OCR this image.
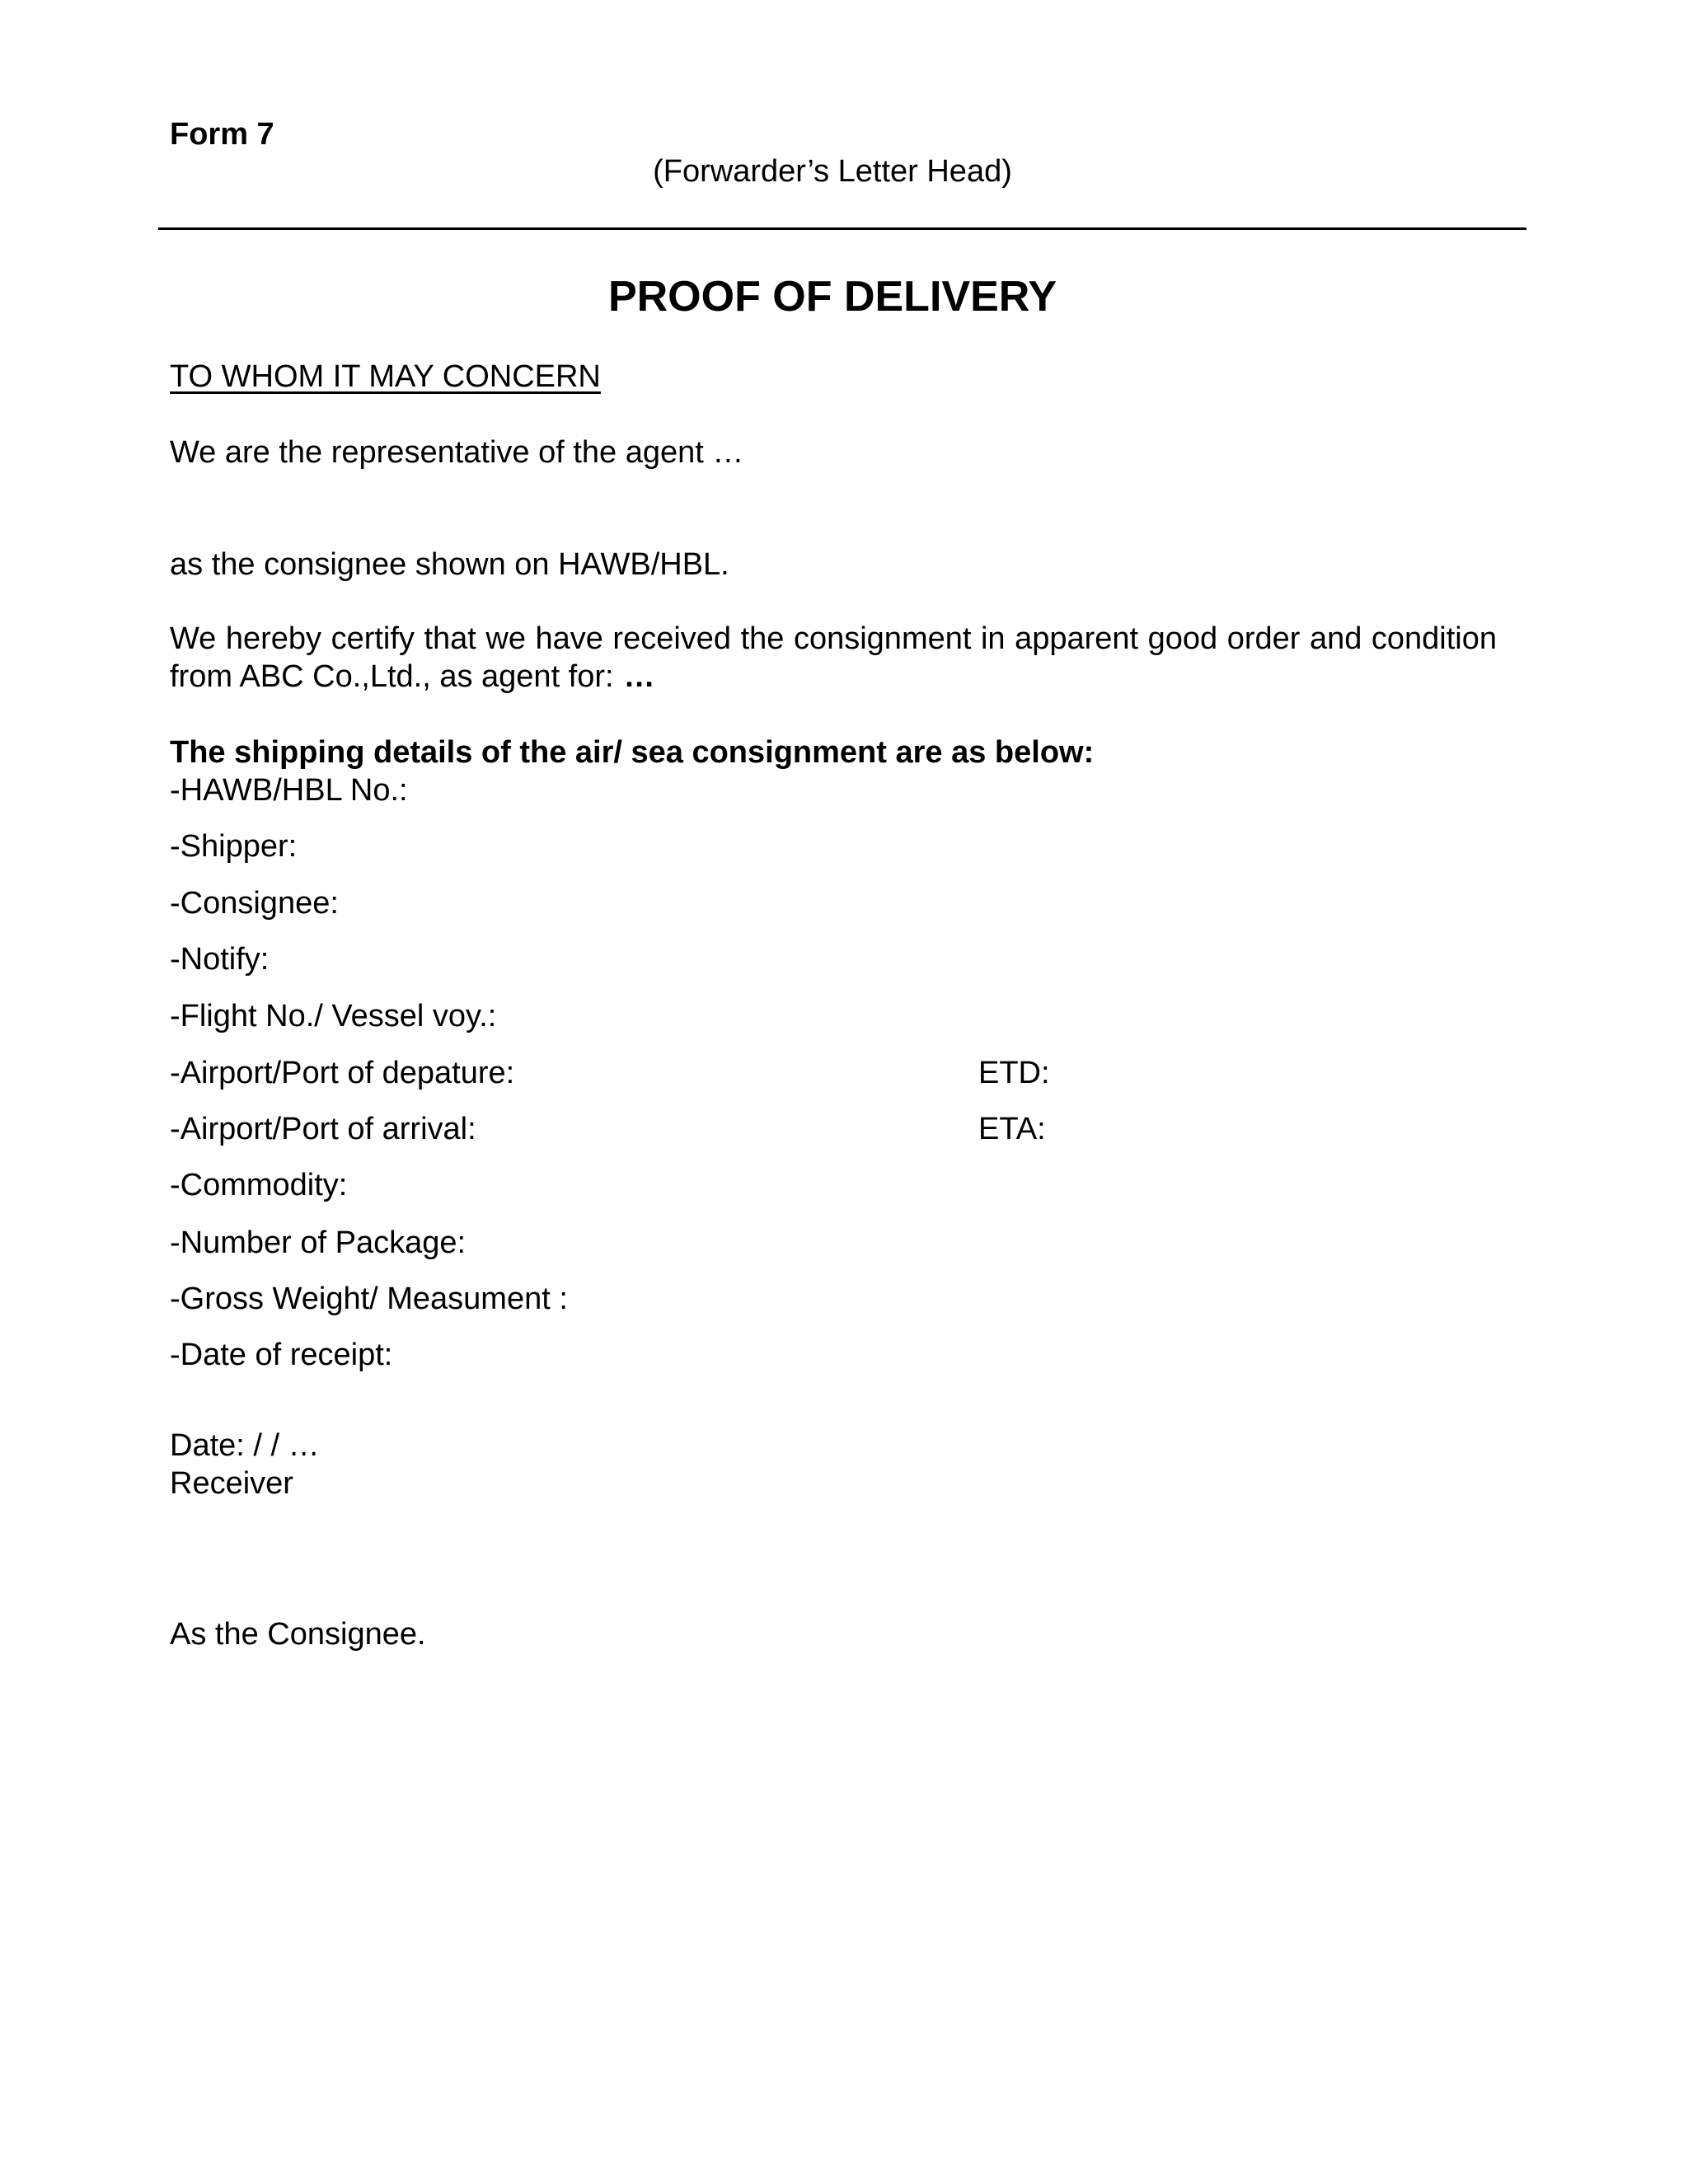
Form 7
(Forwarder’s Letter Head)
PROOF OF DELIVERY
TO WHOM IT MAY CONCERN
We are the representative of the agent …
as the consignee shown on HAWB/HBL.
We hereby certify that we have received the consignment in apparent good order and condition from ABC Co.,Ltd., as agent for: …
The shipping details of the air/ sea consignment are as below:
-HAWB/HBL No.:
-Shipper:
-Consignee:
-Notify:
-Flight No./ Vessel voy.:
-Airport/Port of depature:	ETD:
-Airport/Port of arrival:	ETA:
-Commodity:
-Number of Package:
-Gross Weight/ Measument :
-Date of receipt:
Date: / / …
Receiver
As the Consignee.
